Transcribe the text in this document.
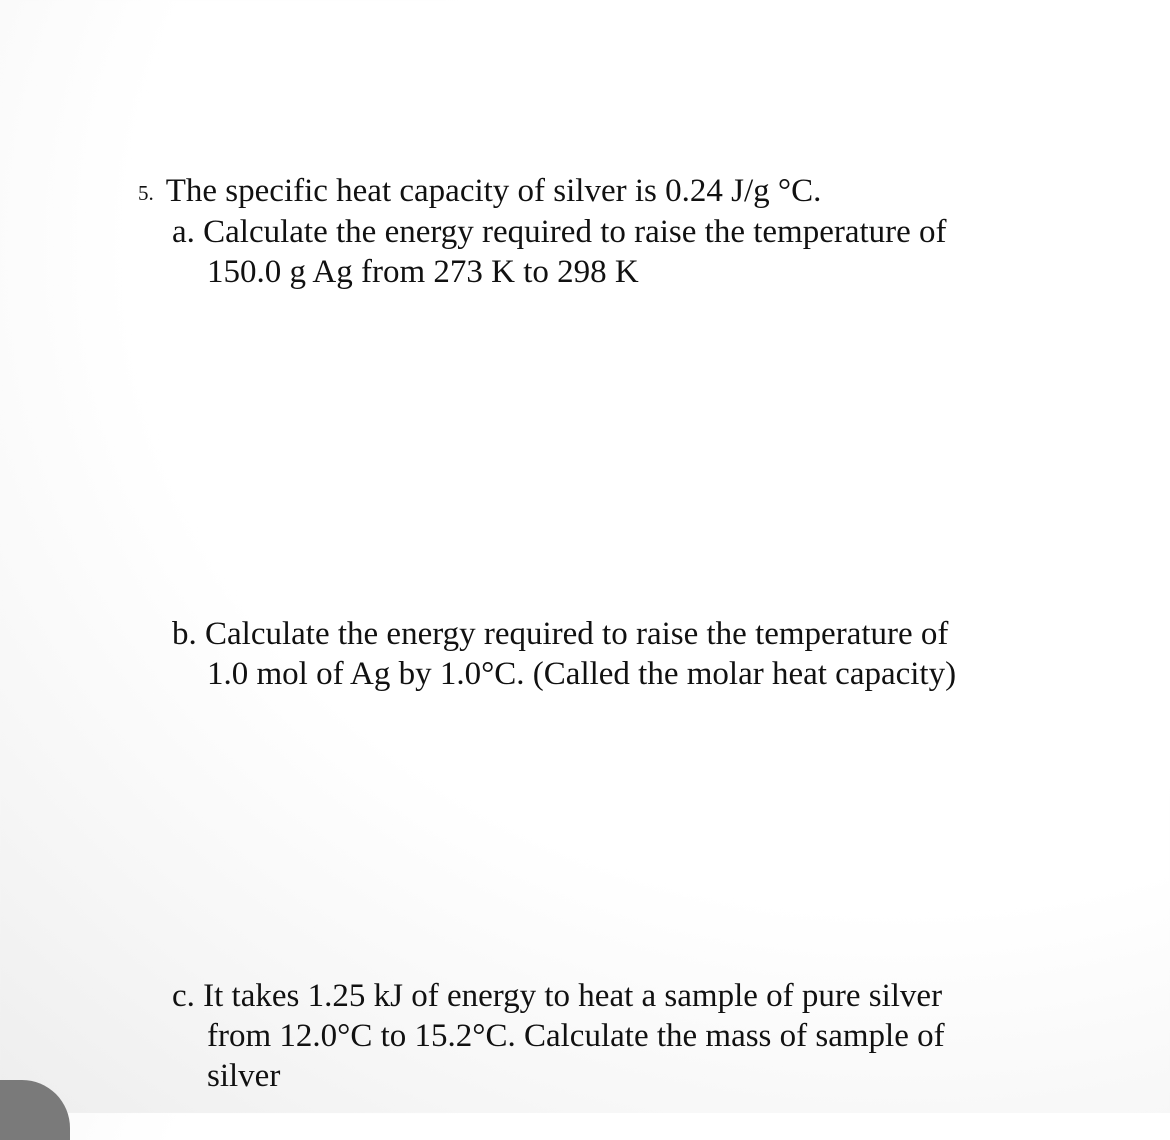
5. The specific heat capacity of silver is 0.24 J/g °C.
a. Calculate the energy required to raise the temperature of
150.0 g Ag from 273 K to 298 K
b. Calculate the energy required to raise the temperature of
1.0 mol of Ag by 1.0°C. (Called the molar heat capacity)
c. It takes 1.25 kJ of energy to heat a sample of pure silver
from 12.0°C to 15.2°C. Calculate the mass of sample of
silver
